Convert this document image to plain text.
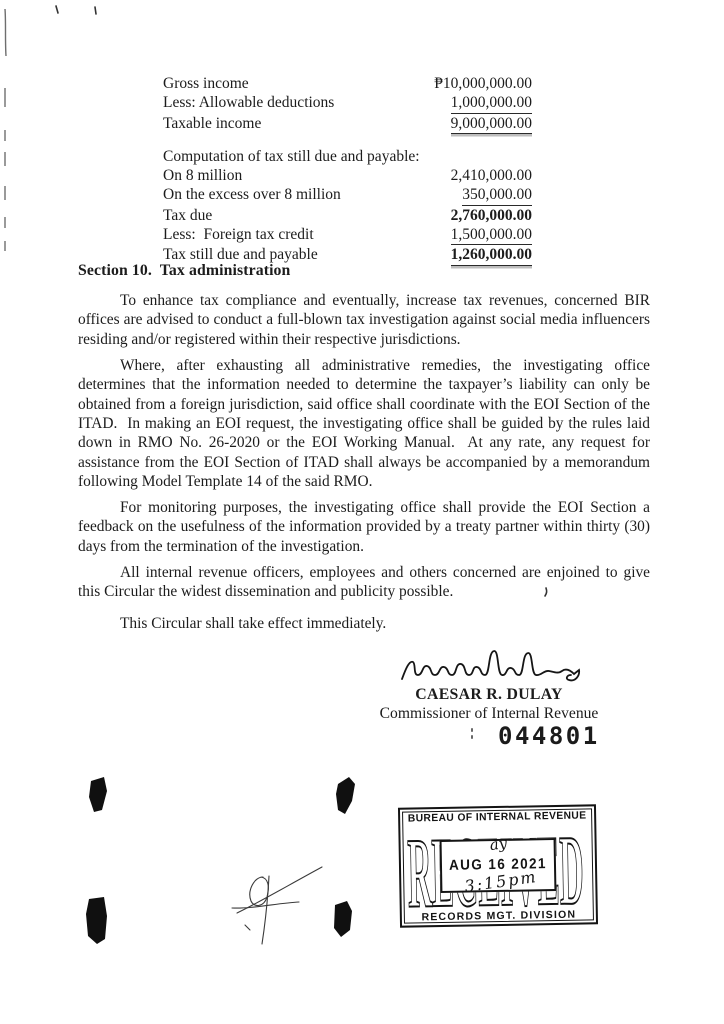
Gross income	₱10,000,000.00
Less: Allowable deductions	1,000,000.00
Taxable income	9,000,000.00
Computation of tax still due and payable:
On 8 million	2,410,000.00
On the excess over 8 million	350,000.00
Tax due	2,760,000.00
Less:  Foreign tax credit	1,500,000.00
Tax still due and payable	1,260,000.00
Section 10.  Tax administration

To enhance tax compliance and eventually, increase tax revenues, concerned BIR offices are advised to conduct a full-blown tax investigation against social media influencers residing and/or registered within their respective jurisdictions.

Where, after exhausting all administrative remedies, the investigating office determines that the information needed to determine the taxpayer’s liability can only be obtained from a foreign jurisdiction, said office shall coordinate with the EOI Section of the ITAD.  In making an EOI request, the investigating office shall be guided by the rules laid down in RMO No. 26-2020 or the EOI Working Manual.  At any rate, any request for assistance from the EOI Section of ITAD shall always be accompanied by a memorandum following Model Template 14 of the said RMO.

For monitoring purposes, the investigating office shall provide the EOI Section a feedback on the usefulness of the information provided by a treaty partner within thirty (30) days from the termination of the investigation.

All internal revenue officers, employees and others concerned are enjoined to give this Circular the widest dissemination and publicity possible.

This Circular shall take effect immediately.

CAESAR R. DULAY
Commissioner of Internal Revenue
044801
BUREAU OF INTERNAL REVENUE
ay
AUG 16 2021
3:15pm
RECORDS MGT. DIVISION
